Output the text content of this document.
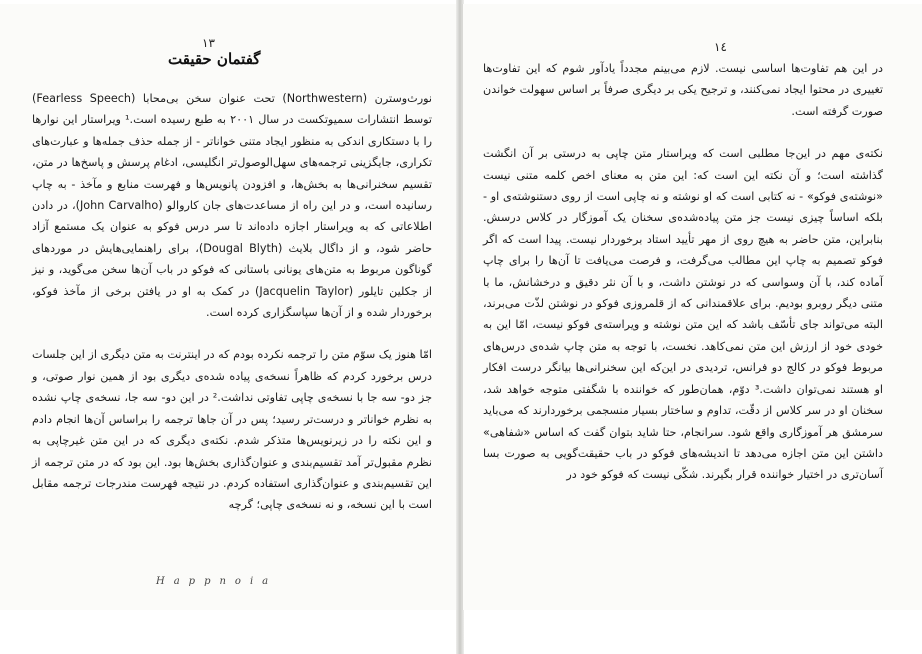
١٣
گفتمان حقیقت

نورث‌وسترن (Northwestern) تحت عنوان سخن بی‌محابا (Fearless Speech) توسط انتشارات سمیوتکست در سال ۲۰۰۱ به طبع رسیده است.¹ ویراستار این نوارها را با دستکاری اندکی به منظور ایجاد متنی خوانا‌تر - از جمله حذف جمله‌ها و عبارت‌های تکراری، جایگزینی ترجمه‌های سهل‌الوصول‌تر انگلیسی، ادغام پرسش و پاسخ‌ها در متن، تقسیم سخنرانی‌ها به بخش‌ها، و افزودن پانویس‌ها و فهرست منابع و مآخذ - به چاپ رسانیده است، و در این راه از مساعدت‌های جان کاروالو (John Carvalho)، در دادن اطلاعاتی که به ویراستار اجازه داده‌اند تا سر درس فوکو به عنوان یک مستمع آزاد حاضر شود، و از داگال بلایث (Dougal Blyth)، برای راهنمایی‌هایش در موردهای گوناگون مربوط به متن‌های یونانی باستانی که فوکو در باب آن‌ها سخن می‌گوید، و نیز از جکلین تایلور (Jacquelin Taylor) در کمک به او در یافتن برخی از مآخذ فوکو، برخوردار شده و از آن‌ها سپاسگزاری کرده است.

امّا هنوز یک سوّم متن را ترجمه نکرده بودم که در اینترنت به متن دیگری از این جلسات درس برخورد کردم که ظاهراً نسخه‌ی پیاده شده‌ی دیگری بود از همین نوار صوتی، و جز دو- سه جا با نسخه‌ی چاپی تفاوتی نداشت.² در این دو- سه جا، نسخه‌ی چاپ نشده به نظرم خوانا‌تر و درست‌تر رسید؛ پس در آن جاها ترجمه را براساس آن‌ها انجام دادم و این نکته را در زیرنویس‌ها متذکر شدم. نکته‌ی دیگری که در این متن غیرچاپی به نظرم مقبول‌تر آمد تقسیم‌بندی و عنوان‌گذاری بخش‌ها بود. این بود که در متن ترجمه از این تقسیم‌بندی و عنوان‌گذاری استفاده کردم. در نتیجه فهرست مندرجات ترجمه مقابل است با این نسخه، و نه نسخه‌ی چاپی؛ گرچه

Happnoia
١٤

در این هم تفاوت‌ها اساسی نیست. لازم می‌بینم مجدداً یادآور شوم که این تفاوت‌ها تغییری در محتوا ایجاد نمی‌کنند، و ترجیح یکی بر دیگری صرفاً بر اساس سهولت خواندن صورت گرفته است.

نکته‌ی مهم در این‌جا مطلبی است که ویراستار متن چاپی به درستی بر آن انگشت گذاشته است؛ و آن نکته این است که: این متن به معنای اخص کلمه متنی نیست «نوشته‌ی فوکو» - نه کتابی است که او نوشته و نه چاپی است از روی دستنوشته‌ی او - بلکه اساساً چیزی نیست جز متن پیاده‌شده‌ی سخنان یک آموزگار در کلاس درسش. بنابراین، متن حاضر به هیچ روی از مهر تأیید استاد برخوردار نیست. پیدا است که اگر فوکو تصمیم به چاپ این مطالب می‌گرفت، و فرصت می‌یافت تا آن‌ها را برای چاپ آماده کند، با آن وسواسی که در نوشتن داشت، و با آن نثر دقیق و درخشانش، ما با متنی دیگر روبرو بودیم. برای علاقمندانی که از قلمروزی فوکو در نوشتن لذّت می‌برند، البته می‌تواند جای تأسّف باشد که این متن نوشته و ویراسته‌ی فوکو نیست، امّا این به خودی خود از ارزش این متن نمی‌کاهد. نخست، با توجه به متن چاپ شده‌ی درس‌های مربوط فوکو در کالج دو فرانس، تردیدی در این‌که این سخنرانی‌ها بیانگر درست افکار او هستند نمی‌توان داشت.³ دوّم، همان‌طور که خواننده با شگفتی متوجه خواهد شد، سخنان او در سر کلاس از دقّت، تداوم و ساختار بسیار منسجمی برخوردارند که می‌باید سرمشق هر آموزگاری واقع شود. سرانجام، حتا شاید بتوان گفت که اساس «شفاهی» داشتن این متن اجازه می‌دهد تا اندیشه‌های فوکو در باب حقیقت‌گویی به صورت بسا آسان‌تری در اختیار خواننده قرار بگیرند. شکّی نیست که فوکو خود در
